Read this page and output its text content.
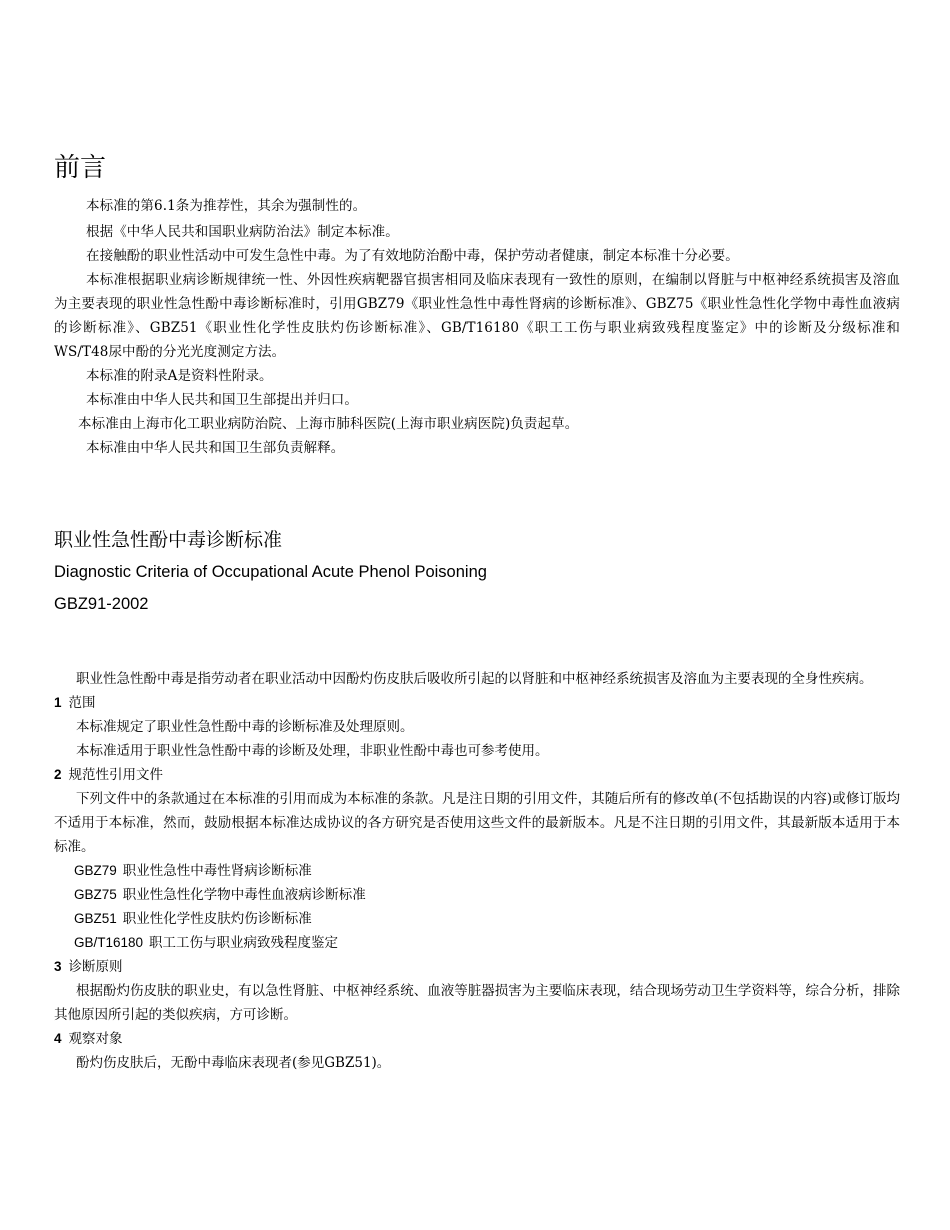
前言

本标准的第6.1条为推荐性，其余为强制性的。

根据《中华人民共和国职业病防治法》制定本标准。

在接触酚的职业性活动中可发生急性中毒。为了有效地防治酚中毒，保护劳动者健康，制定本标准十分必要。

本标准根据职业病诊断规律统一性、外因性疾病靶器官损害相同及临床表现有一致性的原则，在编制以肾脏与中枢神经系统损害及溶血为主要表现的职业性急性酚中毒诊断标准时，引用GBZ79《职业性急性中毒性肾病的诊断标准》、GBZ75《职业性急性化学物中毒性血液病的诊断标准》、GBZ51《职业性化学性皮肤灼伤诊断标准》、GB/T16180《职工工伤与职业病致残程度鉴定》中的诊断及分级标准和WS/T48尿中酚的分光光度测定方法。

本标准的附录A是资料性附录。

本标准由中华人民共和国卫生部提出并归口。

本标准由上海市化工职业病防治院、上海市肺科医院(上海市职业病医院)负责起草。

本标准由中华人民共和国卫生部负责解释。

职业性急性酚中毒诊断标准
Diagnostic Criteria of Occupational Acute Phenol Poisoning
GBZ91-2002

职业性急性酚中毒是指劳动者在职业活动中因酚灼伤皮肤后吸收所引起的以肾脏和中枢神经系统损害及溶血为主要表现的全身性疾病。

1 范围

本标准规定了职业性急性酚中毒的诊断标准及处理原则。

本标准适用于职业性急性酚中毒的诊断及处理，非职业性酚中毒也可参考使用。

2 规范性引用文件

下列文件中的条款通过在本标准的引用而成为本标准的条款。凡是注日期的引用文件，其随后所有的修改单(不包括勘误的内容)或修订版均不适用于本标准，然而，鼓励根据本标准达成协议的各方研究是否使用这些文件的最新版本。凡是不注日期的引用文件，其最新版本适用于本标准。

GBZ79 职业性急性中毒性肾病诊断标准
GBZ75 职业性急性化学物中毒性血液病诊断标准
GBZ51 职业性化学性皮肤灼伤诊断标准
GB/T16180 职工工伤与职业病致残程度鉴定
3 诊断原则

根据酚灼伤皮肤的职业史，有以急性肾脏、中枢神经系统、血液等脏器损害为主要临床表现，结合现场劳动卫生学资料等，综合分析，排除其他原因所引起的类似疾病，方可诊断。

4 观察对象

酚灼伤皮肤后，无酚中毒临床表现者(参见GBZ51)。
